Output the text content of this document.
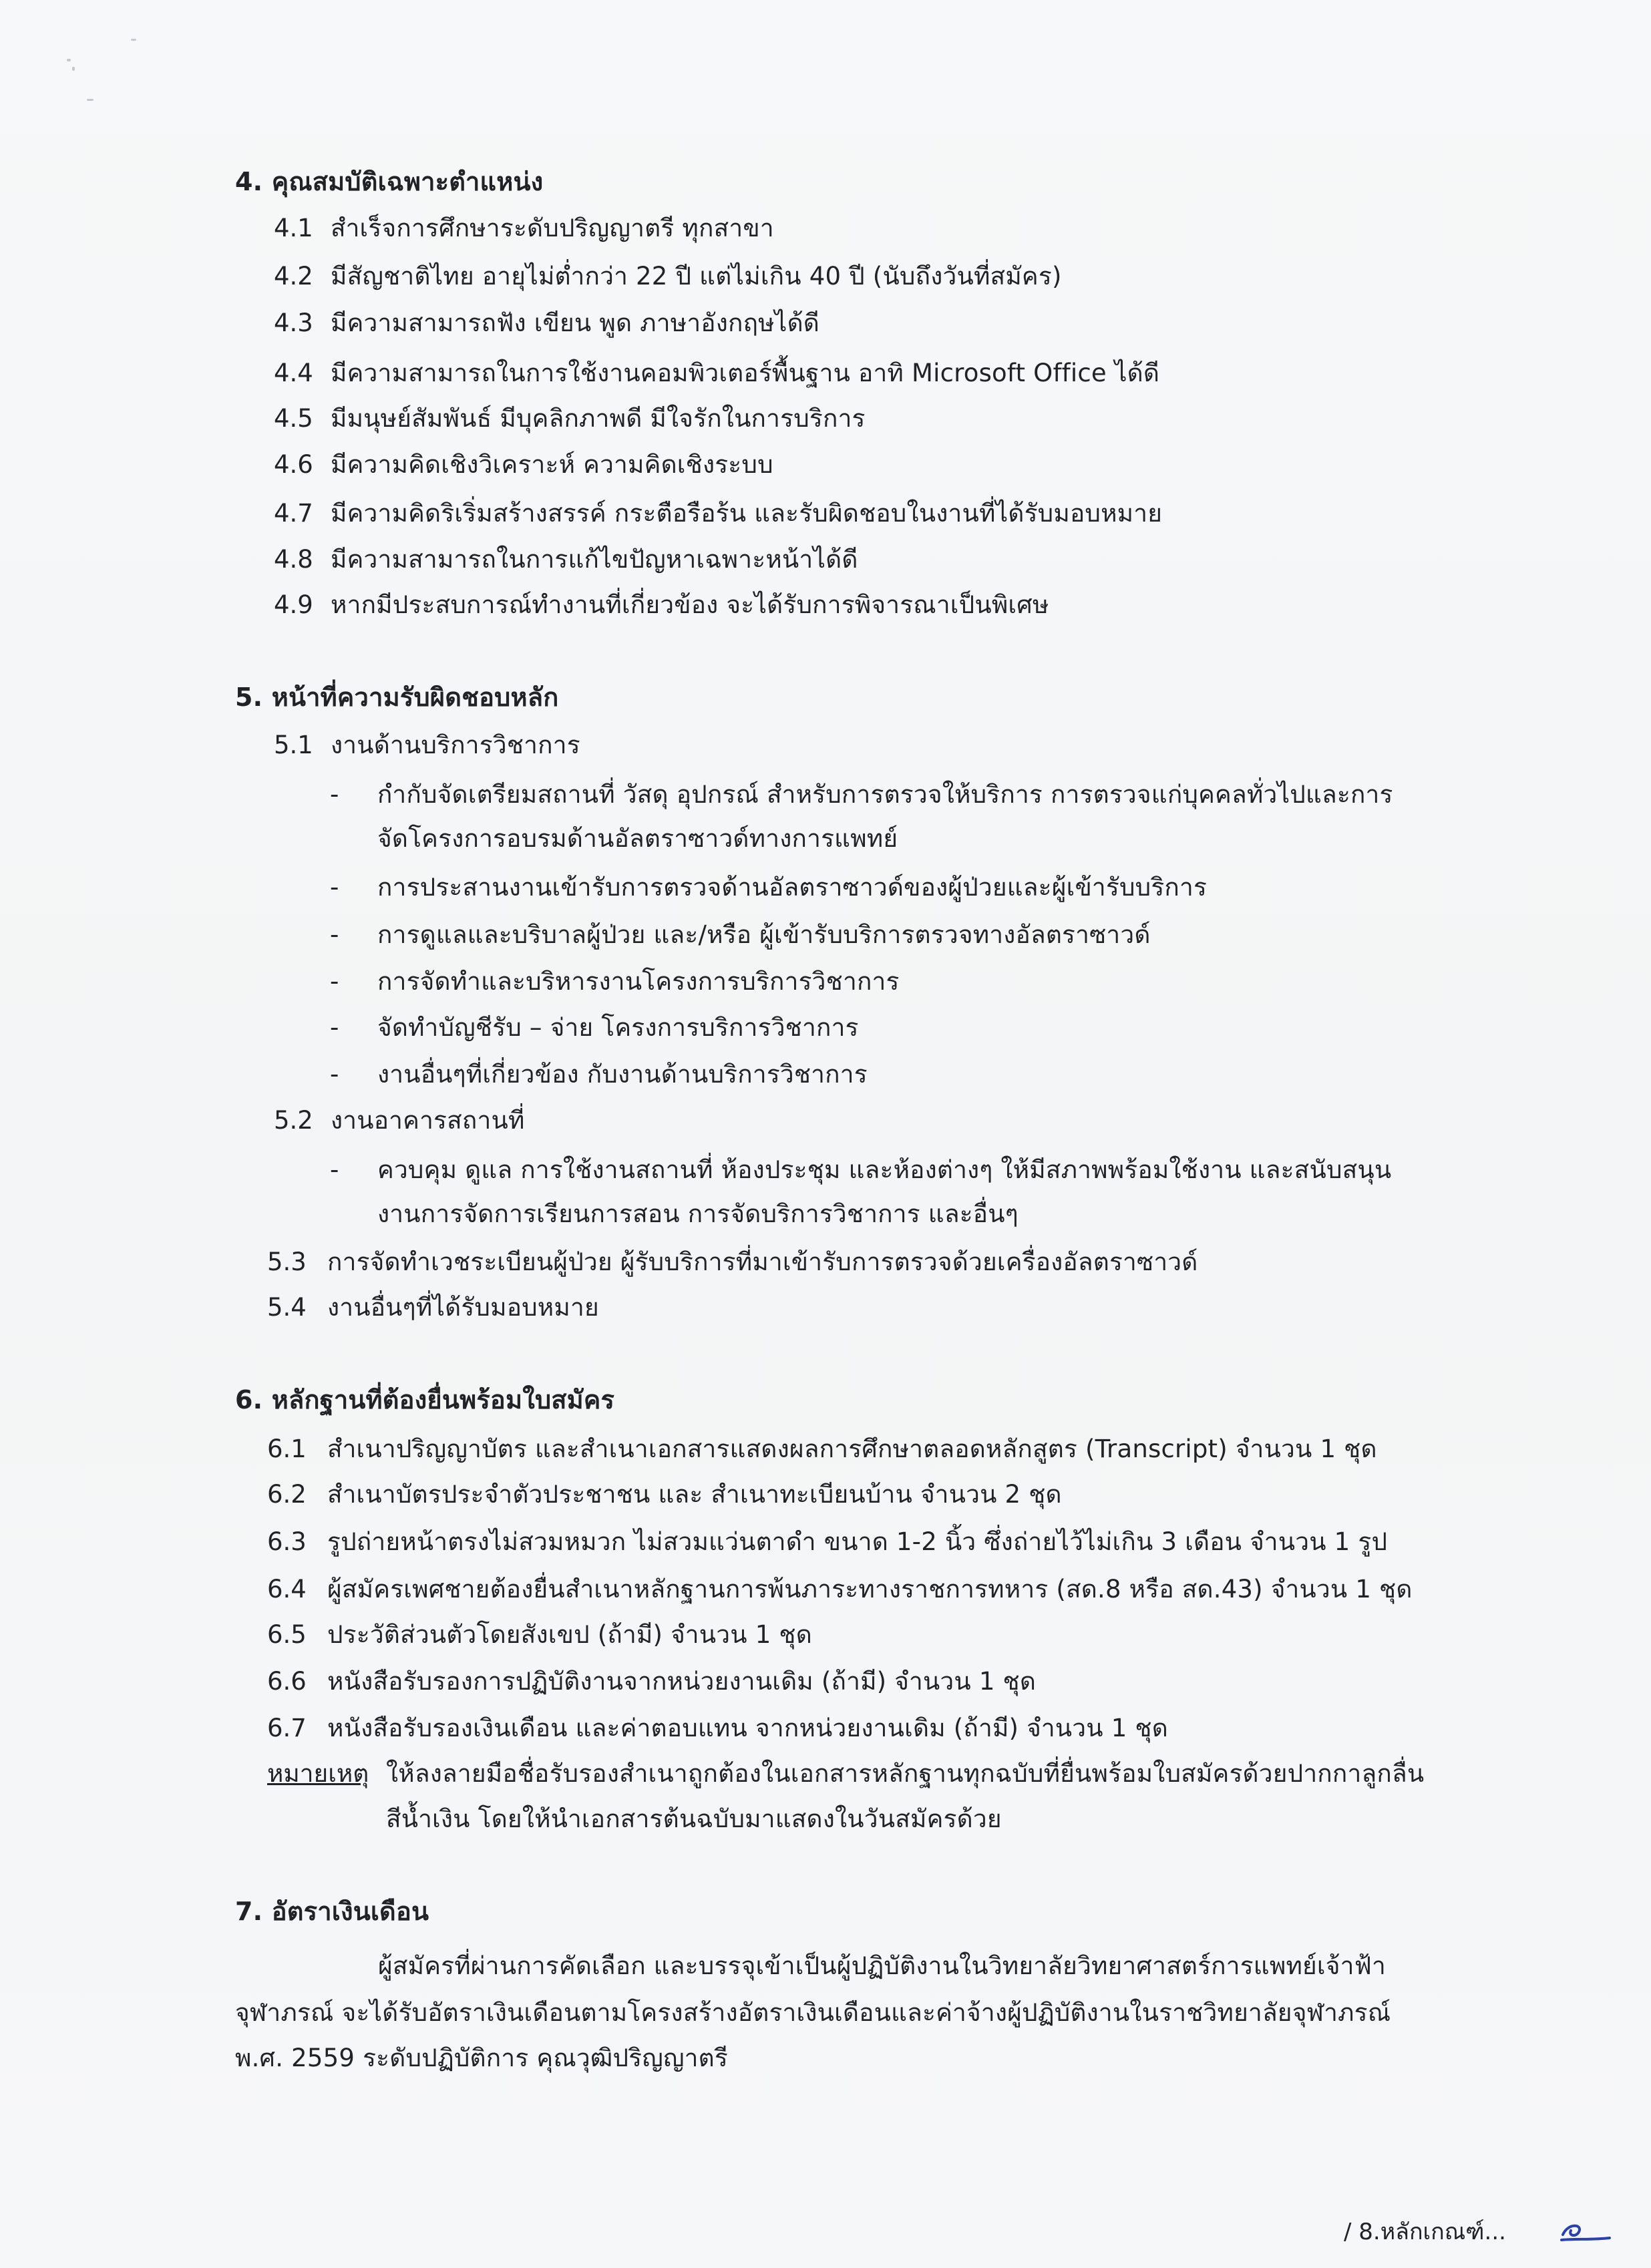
4. คุณสมบัติเฉพาะตำแหน่ง
4.1 สำเร็จการศึกษาระดับปริญญาตรี ทุกสาขา
4.2 มีสัญชาติไทย อายุไม่ต่ำกว่า 22 ปี แต่ไม่เกิน 40 ปี (นับถึงวันที่สมัคร)
4.3 มีความสามารถฟัง เขียน พูด ภาษาอังกฤษได้ดี
4.4 มีความสามารถในการใช้งานคอมพิวเตอร์พื้นฐาน อาทิ Microsoft Office ได้ดี
4.5 มีมนุษย์สัมพันธ์ มีบุคลิกภาพดี มีใจรักในการบริการ
4.6 มีความคิดเชิงวิเคราะห์ ความคิดเชิงระบบ
4.7 มีความคิดริเริ่มสร้างสรรค์ กระตือรือร้น และรับผิดชอบในงานที่ได้รับมอบหมาย
4.8 มีความสามารถในการแก้ไขปัญหาเฉพาะหน้าได้ดี
4.9 หากมีประสบการณ์ทำงานที่เกี่ยวข้อง จะได้รับการพิจารณาเป็นพิเศษ
5. หน้าที่ความรับผิดชอบหลัก
5.1 งานด้านบริการวิชาการ
- กำกับจัดเตรียมสถานที่ วัสดุ อุปกรณ์ สำหรับการตรวจให้บริการ การตรวจแก่บุคคลทั่วไปและการ
จัดโครงการอบรมด้านอัลตราซาวด์ทางการแพทย์
- การประสานงานเข้ารับการตรวจด้านอัลตราซาวด์ของผู้ป่วยและผู้เข้ารับบริการ
- การดูแลและบริบาลผู้ป่วย และ/หรือ ผู้เข้ารับบริการตรวจทางอัลตราซาวด์
- การจัดทำและบริหารงานโครงการบริการวิชาการ
- จัดทำบัญชีรับ – จ่าย โครงการบริการวิชาการ
- งานอื่นๆที่เกี่ยวข้อง กับงานด้านบริการวิชาการ
5.2 งานอาคารสถานที่
- ควบคุม ดูแล การใช้งานสถานที่ ห้องประชุม และห้องต่างๆ ให้มีสภาพพร้อมใช้งาน และสนับสนุน
งานการจัดการเรียนการสอน การจัดบริการวิชาการ และอื่นๆ
5.3 การจัดทำเวชระเบียนผู้ป่วย ผู้รับบริการที่มาเข้ารับการตรวจด้วยเครื่องอัลตราซาวด์
5.4 งานอื่นๆที่ได้รับมอบหมาย
6. หลักฐานที่ต้องยื่นพร้อมใบสมัคร
6.1 สำเนาปริญญาบัตร และสำเนาเอกสารแสดงผลการศึกษาตลอดหลักสูตร (Transcript) จำนวน 1 ชุด
6.2 สำเนาบัตรประจำตัวประชาชน และ สำเนาทะเบียนบ้าน จำนวน 2 ชุด
6.3 รูปถ่ายหน้าตรงไม่สวมหมวก ไม่สวมแว่นตาดำ ขนาด 1-2 นิ้ว ซึ่งถ่ายไว้ไม่เกิน 3 เดือน จำนวน 1 รูป
6.4 ผู้สมัครเพศชายต้องยื่นสำเนาหลักฐานการพ้นภาระทางราชการทหาร (สด.8 หรือ สด.43) จำนวน 1 ชุด
6.5 ประวัติส่วนตัวโดยสังเขป (ถ้ามี) จำนวน 1 ชุด
6.6 หนังสือรับรองการปฏิบัติงานจากหน่วยงานเดิม (ถ้ามี) จำนวน 1 ชุด
6.7 หนังสือรับรองเงินเดือน และค่าตอบแทน จากหน่วยงานเดิม (ถ้ามี) จำนวน 1 ชุด
หมายเหตุ ให้ลงลายมือชื่อรับรองสำเนาถูกต้องในเอกสารหลักฐานทุกฉบับที่ยื่นพร้อมใบสมัครด้วยปากกาลูกลื่น
สีน้ำเงิน โดยให้นำเอกสารต้นฉบับมาแสดงในวันสมัครด้วย
7. อัตราเงินเดือน
ผู้สมัครที่ผ่านการคัดเลือก และบรรจุเข้าเป็นผู้ปฏิบัติงานในวิทยาลัยวิทยาศาสตร์การแพทย์เจ้าฟ้า
จุฬาภรณ์ จะได้รับอัตราเงินเดือนตามโครงสร้างอัตราเงินเดือนและค่าจ้างผู้ปฏิบัติงานในราชวิทยาลัยจุฬาภรณ์
พ.ศ. 2559 ระดับปฏิบัติการ คุณวุฒิปริญญาตรี
/ 8.หลักเกณฑ์...
